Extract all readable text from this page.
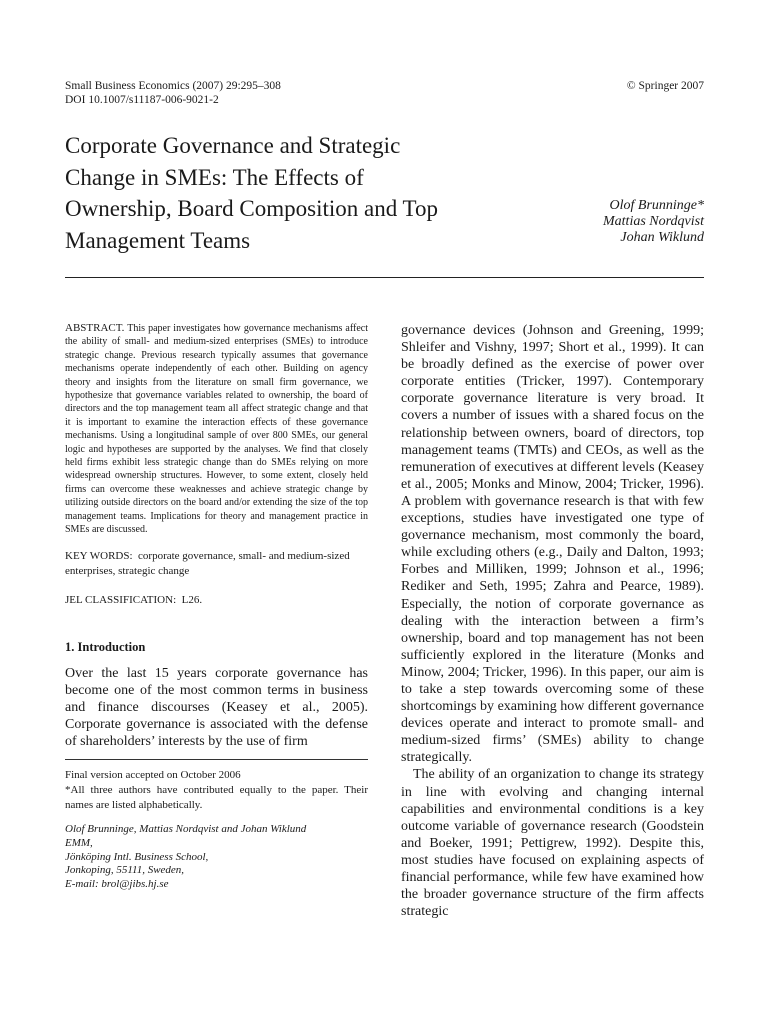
Small Business Economics (2007) 29:295–308
DOI 10.1007/s11187-006-9021-2
© Springer 2007
Corporate Governance and Strategic Change in SMEs: The Effects of Ownership, Board Composition and Top Management Teams
Olof Brunninge*
Mattias Nordqvist
Johan Wiklund

ABSTRACT. This paper investigates how governance mechanisms affect the ability of small- and medium-sized enterprises (SMEs) to introduce strategic change. Previous research typically assumes that governance mechanisms operate independently of each other. Building on agency theory and insights from the literature on small firm governance, we hypothesize that governance variables related to ownership, the board of directors and the top management team all affect strategic change and that it is important to examine the interaction effects of these governance mechanisms. Using a longitudinal sample of over 800 SMEs, our general logic and hypotheses are supported by the analyses. We find that closely held firms exhibit less strategic change than do SMEs relying on more widespread ownership structures. However, to some extent, closely held firms can overcome these weaknesses and achieve strategic change by utilizing outside directors on the board and/or extending the size of the top management teams. Implications for theory and management practice in SMEs are discussed.

KEY WORDS: corporate governance, small- and medium-sized enterprises, strategic change

JEL CLASSIFICATION: L26.

1. Introduction

Over the last 15 years corporate governance has become one of the most common terms in business and finance discourses (Keasey et al., 2005). Corporate governance is associated with the defense of shareholders’ interests by the use of firm

Final version accepted on October 2006

*All three authors have contributed equally to the paper. Their names are listed alphabetically.

Olof Brunninge, Mattias Nordqvist and Johan Wiklund
EMM,
Jönköping Intl. Business School,
Jonkoping, 55111, Sweden,
E-mail: brol@jibs.hj.se

governance devices (Johnson and Greening, 1999; Shleifer and Vishny, 1997; Short et al., 1999). It can be broadly defined as the exercise of power over corporate entities (Tricker, 1997). Contemporary corporate governance literature is very broad. It covers a number of issues with a shared focus on the relationship between owners, board of directors, top management teams (TMTs) and CEOs, as well as the remuneration of executives at different levels (Keasey et al., 2005; Monks and Minow, 2004; Tricker, 1996). A problem with governance research is that with few exceptions, studies have investigated one type of governance mechanism, most commonly the board, while excluding others (e.g., Daily and Dalton, 1993; Forbes and Milliken, 1999; Johnson et al., 1996; Rediker and Seth, 1995; Zahra and Pearce, 1989). Especially, the notion of corporate governance as dealing with the interaction between a firm’s ownership, board and top management has not been sufficiently explored in the literature (Monks and Minow, 2004; Tricker, 1996). In this paper, our aim is to take a step towards overcoming some of these shortcomings by examining how different governance devices operate and interact to promote small- and medium-sized firms’ (SMEs) ability to change strategically.

The ability of an organization to change its strategy in line with evolving and changing internal capabilities and environmental conditions is a key outcome variable of governance research (Goodstein and Boeker, 1991; Pettigrew, 1992). Despite this, most studies have focused on explaining aspects of financial performance, while few have examined how the broader governance structure of the firm affects strategic
